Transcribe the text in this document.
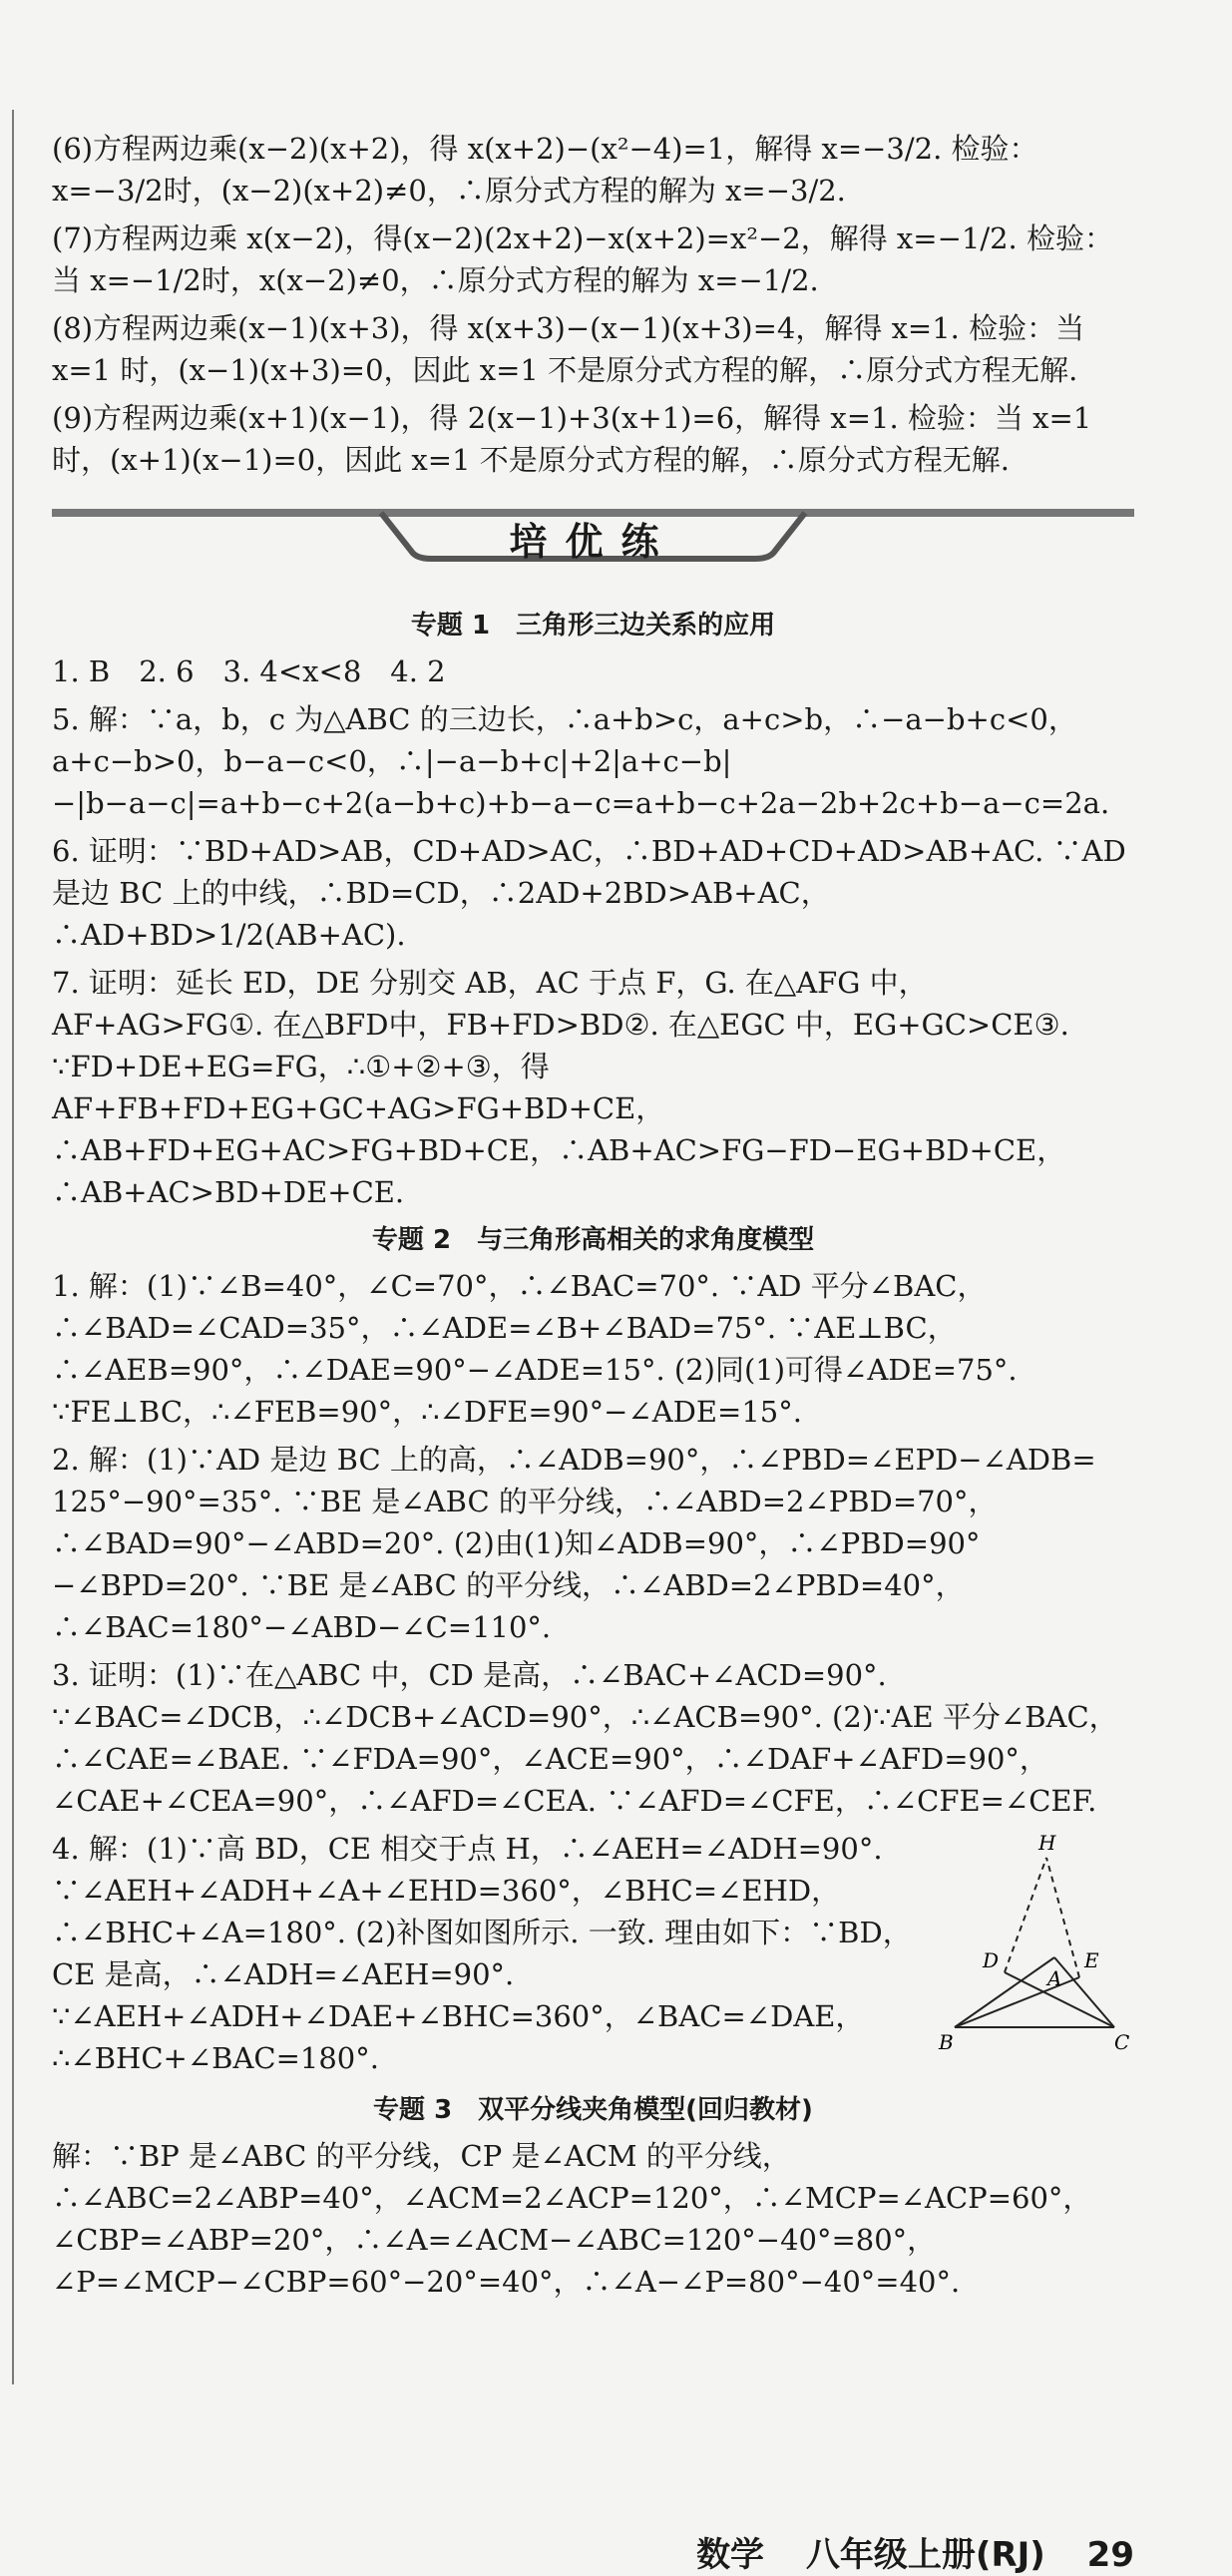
(6)方程两边乘(x−2)(x+2)，得 x(x+2)−(x²−4)=1，解得 x=−3/2. 检验：x=−3/2时，(x−2)(x+2)≠0，∴原分式方程的解为 x=−3/2.

(7)方程两边乘 x(x−2)，得(x−2)(2x+2)−x(x+2)=x²−2，解得 x=−1/2. 检验：当 x=−1/2时，x(x−2)≠0，∴原分式方程的解为 x=−1/2.

(8)方程两边乘(x−1)(x+3)，得 x(x+3)−(x−1)(x+3)=4，解得 x=1. 检验：当 x=1 时，(x−1)(x+3)=0，因此 x=1 不是原分式方程的解，∴原分式方程无解.

(9)方程两边乘(x+1)(x−1)，得 2(x−1)+3(x+1)=6，解得 x=1. 检验：当 x=1 时，(x+1)(x−1)=0，因此 x=1 不是原分式方程的解，∴原分式方程无解.

培优练
专题 1　三角形三边关系的应用

1. B　2. 6　3. 4<x<8　4. 2

5. 解：∵a，b，c 为△ABC 的三边长，∴a+b>c，a+c>b，∴−a−b+c<0，a+c−b>0，b−a−c<0，∴|−a−b+c|+2|a+c−b|−|b−a−c|=a+b−c+2(a−b+c)+b−a−c=a+b−c+2a−2b+2c+b−a−c=2a.

6. 证明：∵BD+AD>AB，CD+AD>AC，∴BD+AD+CD+AD>AB+AC. ∵AD 是边 BC 上的中线，∴BD=CD，∴2AD+2BD>AB+AC，∴AD+BD>1/2(AB+AC).

7. 证明：延长 ED，DE 分别交 AB，AC 于点 F，G. 在△AFG 中，AF+AG>FG①. 在△BFD中，FB+FD>BD②. 在△EGC 中，EG+GC>CE③. ∵FD+DE+EG=FG，∴①+②+③，得 AF+FB+FD+EG+GC+AG>FG+BD+CE，∴AB+FD+EG+AC>FG+BD+CE，∴AB+AC>FG−FD−EG+BD+CE，∴AB+AC>BD+DE+CE.

专题 2　与三角形高相关的求角度模型

1. 解：(1)∵∠B=40°，∠C=70°，∴∠BAC=70°. ∵AD 平分∠BAC，∴∠BAD=∠CAD=35°，∴∠ADE=∠B+∠BAD=75°. ∵AE⊥BC，∴∠AEB=90°，∴∠DAE=90°−∠ADE=15°. (2)同(1)可得∠ADE=75°. ∵FE⊥BC，∴∠FEB=90°，∴∠DFE=90°−∠ADE=15°.

2. 解：(1)∵AD 是边 BC 上的高，∴∠ADB=90°，∴∠PBD=∠EPD−∠ADB= 125°−90°=35°. ∵BE 是∠ABC 的平分线，∴∠ABD=2∠PBD=70°，∴∠BAD=90°−∠ABD=20°. (2)由(1)知∠ADB=90°，∴∠PBD=90°−∠BPD=20°. ∵BE 是∠ABC 的平分线，∴∠ABD=2∠PBD=40°，∴∠BAC=180°−∠ABD−∠C=110°.

3. 证明：(1)∵在△ABC 中，CD 是高，∴∠BAC+∠ACD=90°. ∵∠BAC=∠DCB，∴∠DCB+∠ACD=90°，∴∠ACB=90°. (2)∵AE 平分∠BAC，∴∠CAE=∠BAE. ∵∠FDA=90°，∠ACE=90°，∴∠DAF+∠AFD=90°，∠CAE+∠CEA=90°，∴∠AFD=∠CEA. ∵∠AFD=∠CFE，∴∠CFE=∠CEF.

4. 解：(1)∵高 BD，CE 相交于点 H，∴∠AEH=∠ADH=90°. ∵∠AEH+∠ADH+∠A+∠EHD=360°，∠BHC=∠EHD，∴∠BHC+∠A=180°. (2)补图如图所示. 一致. 理由如下：∵BD，CE 是高，∴∠ADH=∠AEH=90°. ∵∠AEH+∠ADH+∠DAE+∠BHC=360°，∠BAC=∠DAE，∴∠BHC+∠BAC=180°.

H
D
A
E
B	C
专题 3　双平分线夹角模型(回归教材)

解：∵BP 是∠ABC 的平分线，CP 是∠ACM 的平分线，∴∠ABC=2∠ABP=40°，∠ACM=2∠ACP=120°，∴∠MCP=∠ACP=60°，∠CBP=∠ABP=20°，∴∠A=∠ACM−∠ABC=120°−40°=80°，∠P=∠MCP−∠CBP=60°−20°=40°，∴∠A−∠P=80°−40°=40°.

数学 八年级上册(RJ) 29
